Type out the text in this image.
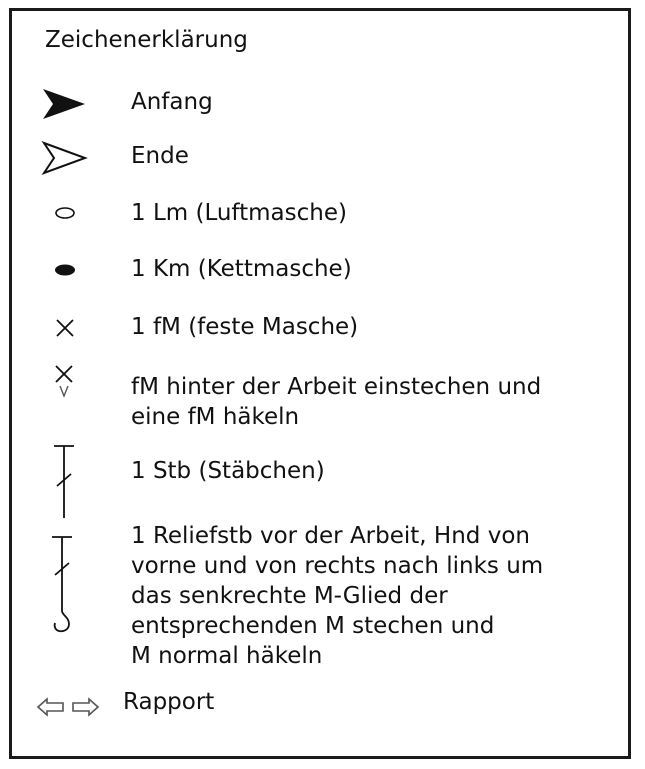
Zeichenerklärung
Anfang
Ende
1 Lm (Luftmasche)
1 Km (Kettmasche)
1 fM (feste Masche)
fM hinter der Arbeit einstechen und
eine fM häkeln
1 Stb (Stäbchen)
1 Reliefstb vor der Arbeit, Hnd von
vorne und von rechts nach links um
das senkrechte M-Glied der
entsprechenden M stechen und
M normal häkeln
Rapport
